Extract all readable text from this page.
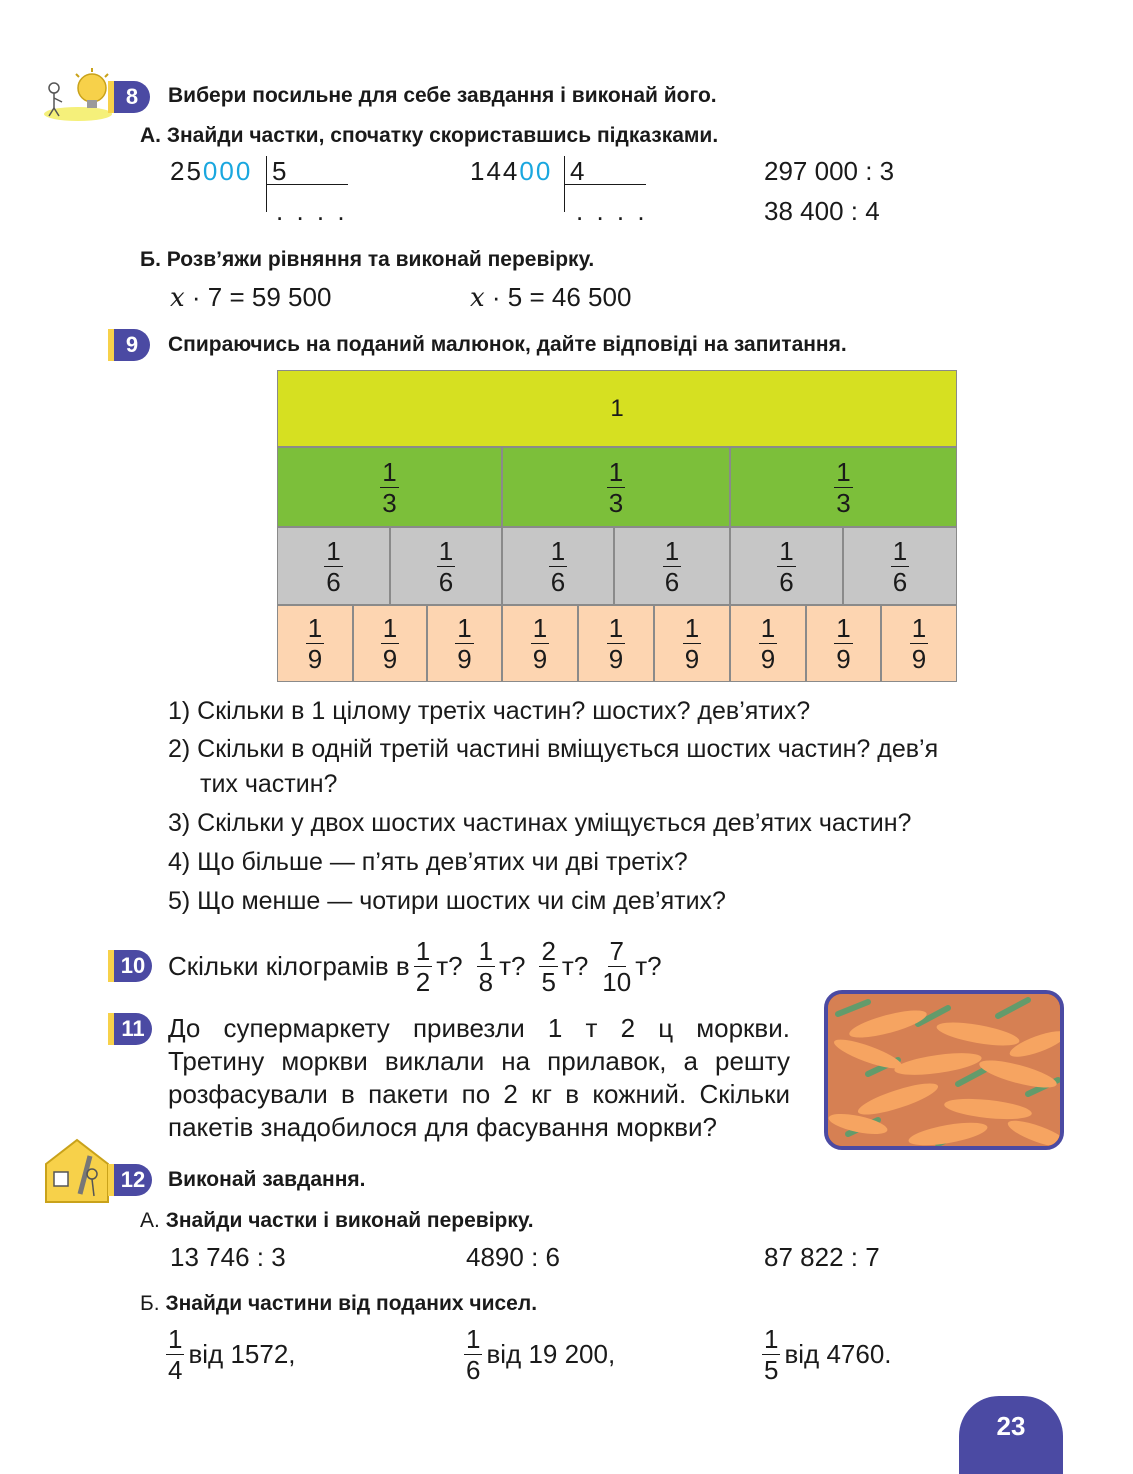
8	Вибери посильне для себе завдання і виконай його.
А. Знайди частки, спочатку скориставшись підказками.
25000 5
. . . .
14400 4
. . . .
297 000 : 3
38 400 : 4
Б. Розв’яжи рівняння та виконай перевірку.
x · 7 = 59 500	x · 5 = 46 500
9	Спираючись на поданий малюнок, дайте відповіді на запитання.
1
$\frac{1}{3}$	$\frac{1}{3}$	$\frac{1}{3}$
$\frac{1}{6}$	$\frac{1}{6}$	$\frac{1}{6}$	$\frac{1}{6}$	$\frac{1}{6}$	$\frac{1}{6}$
$\frac{1}{9} \frac{1}{9} \frac{1}{9} \frac{1}{9} \frac{1}{9} \frac{1}{9} \frac{1}{9} \frac{1}{9} \frac{1}{9}$
1) Скільки в 1 цілому третіх частин? шостих? дев’ятих?
2) Скільки в одній третій частині вміщується шостих частин? дев’я
тих частин?
3) Скільки у двох шостих частинах уміщується дев’ятих частин?
4) Що більше — п’ять дев’ятих чи дві третіх?
5) Що менше — чотири шостих чи сім дев’ятих?
10 Скільки кілограмів в $\frac{1}{2} т$? $\frac{1}{8} т$? $\frac{2}{5} т$? $\frac{7}{10} т$?
11 До супермаркету привезли 1 т 2 ц моркви.
Третину моркви виклали на прилавок, а решту
розфасували в пакети по 2 кг в кожний. Скільки
пакетів знадобилося для фасування моркви?
12	Виконай завдання.
А. Знайди частки і виконай перевірку.
13 746 : 3	4890 : 6	87 822 : 7
Б. Знайди частини від поданих чисел.
$\frac{1}{4}$ від 1572,	$\frac{1}{6}$ від 19 200,	$\frac{1}{5}$ від 4760.
23
